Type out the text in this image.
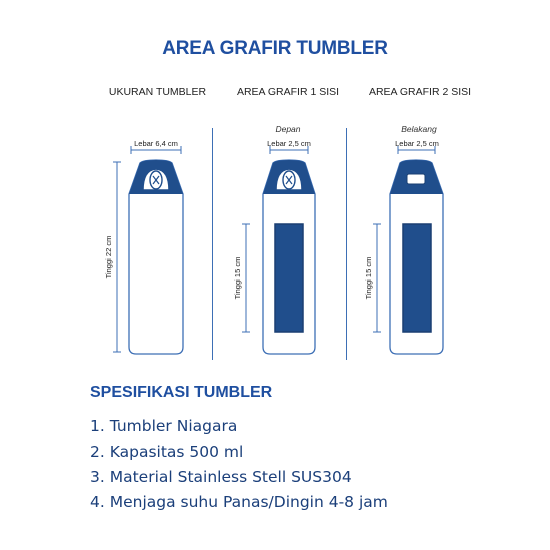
AREA GRAFIR TUMBLER
UKURAN TUMBLER	AREA GRAFIR 1 SISI	AREA GRAFIR 2 SISI
Depan	Belakang
Lebar 6,4 cm
Tinggi 22 cm
Lebar 2,5 cm
Tinggi 15 cm
Lebar 2,5 cm
Tinggi 15 cm
SPESIFIKASI TUMBLER
1. Tumbler Niagara
2. Kapasitas 500 ml
3. Material Stainless Stell SUS304
4. Menjaga suhu Panas/Dingin 4-8 jam
